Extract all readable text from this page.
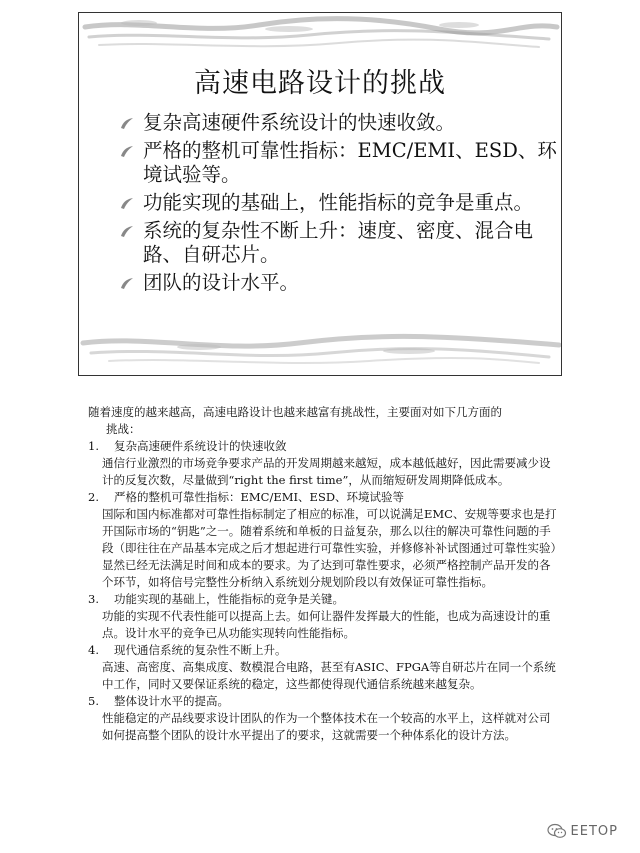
高速电路设计的挑战
复杂高速硬件系统设计的快速收敛。
严格的整机可靠性指标：EMC/EMI、ESD、环境试验等。
功能实现的基础上，性能指标的竞争是重点。
系统的复杂性不断上升：速度、密度、混合电路、自研芯片。
团队的设计水平。

随着速度的越来越高，高速电路设计也越来越富有挑战性，主要面对如下几方面的

挑战：

1. 复杂高速硬件系统设计的快速收敛

通信行业激烈的市场竞争要求产品的开发周期越来越短，成本越低越好，因此需要减少设计的反复次数，尽量做到“right the first time”，从而缩短研发周期降低成本。

2. 严格的整机可靠性指标：EMC/EMI、ESD、环境试验等

国际和国内标准都对可靠性指标制定了相应的标准，可以说满足EMC、安规等要求也是打开国际市场的“钥匙”之一。随着系统和单板的日益复杂，那么以往的解决可靠性问题的手段（即往往在产品基本完成之后才想起进行可靠性实验，并修修补补试图通过可靠性实验）显然已经无法满足时间和成本的要求。为了达到可靠性要求，必须严格控制产品开发的各个环节，如将信号完整性分析纳入系统划分规划阶段以有效保证可靠性指标。

3. 功能实现的基础上，性能指标的竞争是关键。

功能的实现不代表性能可以提高上去。如何让器件发挥最大的性能，也成为高速设计的重点。设计水平的竞争已从功能实现转向性能指标。

4. 现代通信系统的复杂性不断上升。

高速、高密度、高集成度、数模混合电路，甚至有ASIC、FPGA等自研芯片在同一个系统中工作，同时又要保证系统的稳定，这些都使得现代通信系统越来越复杂。

5. 整体设计水平的提高。

性能稳定的产品线要求设计团队的作为一个整体技术在一个较高的水平上，这样就对公司如何提高整个团队的设计水平提出了的要求，这就需要一个种体系化的设计方法。

EETOP
